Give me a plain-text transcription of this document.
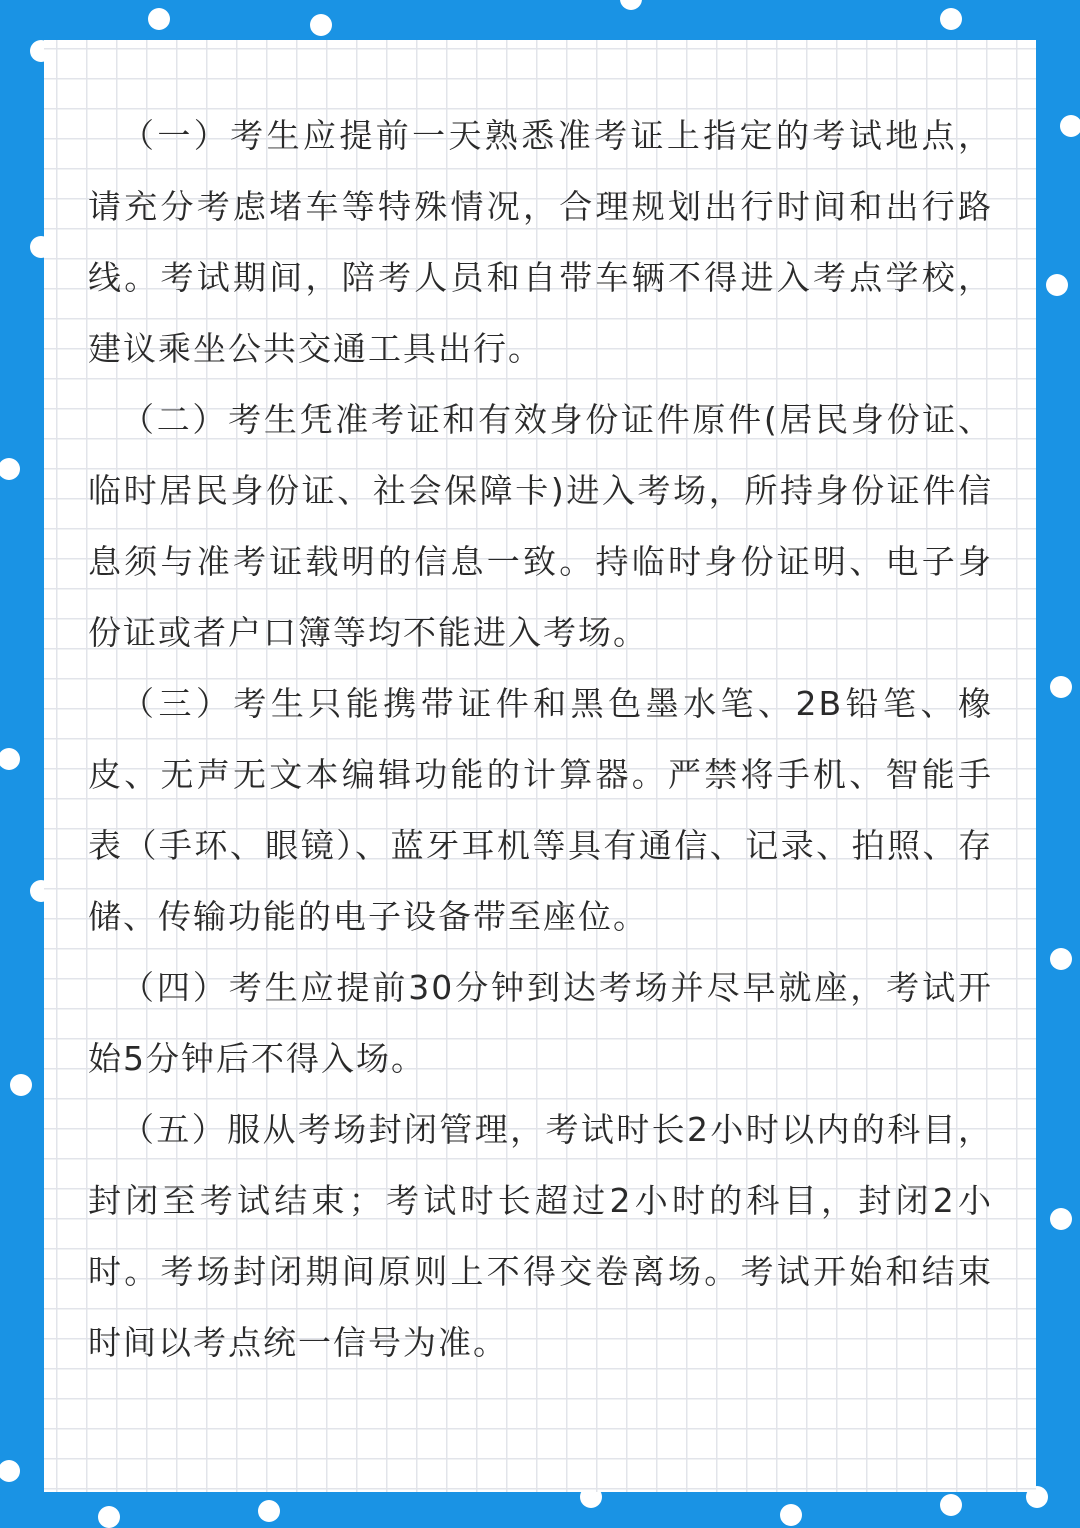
（一）考生应提前一天熟悉准考证上指定的考试地点，请充分考虑堵车等特殊情况，合理规划出行时间和出行路线。考试期间，陪考人员和自带车辆不得进入考点学校，建议乘坐公共交通工具出行。

（二）考生凭准考证和有效身份证件原件(居民身份证、临时居民身份证、社会保障卡)进入考场，所持身份证件信息须与准考证载明的信息一致。持临时身份证明、电子身份证或者户口簿等均不能进入考场。

（三）考生只能携带证件和黑色墨水笔、2B铅笔、橡皮、无声无文本编辑功能的计算器。严禁将手机、智能手表（手环、眼镜）、蓝牙耳机等具有通信、记录、拍照、存储、传输功能的电子设备带至座位。

（四）考生应提前30分钟到达考场并尽早就座，考试开始5分钟后不得入场。

（五）服从考场封闭管理，考试时长2小时以内的科目，封闭至考试结束；考试时长超过2小时的科目，封闭2小时。考场封闭期间原则上不得交卷离场。考试开始和结束时间以考点统一信号为准。
